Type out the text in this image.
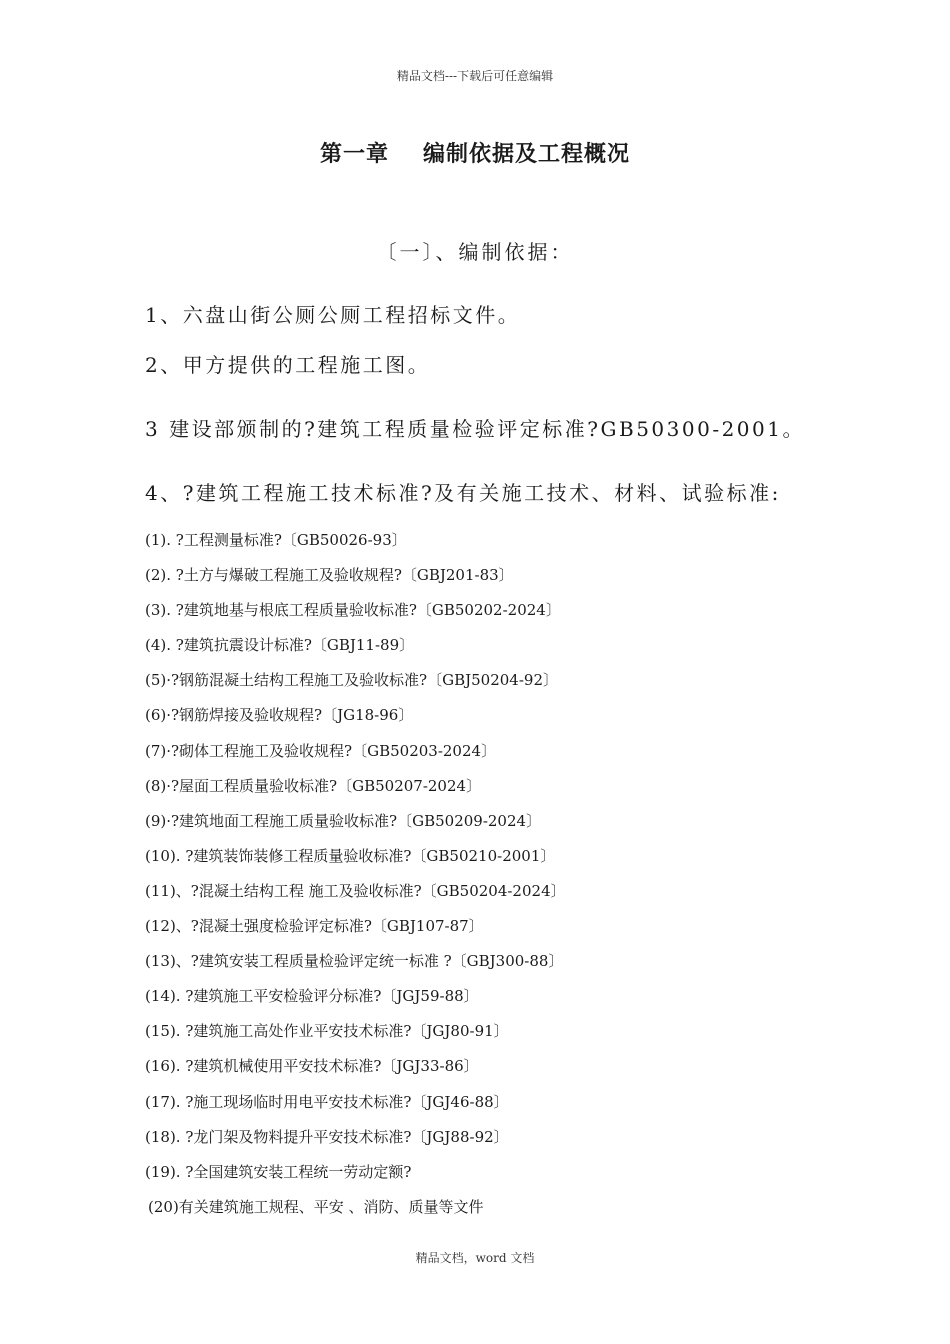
精品文档---下载后可任意编辑
第一章 编制依据及工程概况
〔一〕、编制依据：
1、六盘山街公厕公厕工程招标文件。
2、甲方提供的工程施工图。
3 建设部颁制的?建筑工程质量检验评定标准?GB50300-2001。
4、?建筑工程施工技术标准?及有关施工技术、材料、试验标准:
(1). ?工程测量标准?〔GB50026-93〕
(2). ?土方与爆破工程施工及验收规程?〔GBJ201-83〕
(3). ?建筑地基与根底工程质量验收标准?〔GB50202-2024〕
(4). ?建筑抗震设计标准?〔GBJ11-89〕
(5)·?钢筋混凝土结构工程施工及验收标准?〔GBJ50204-92〕
(6)·?钢筋焊接及验收规程?〔JG18-96〕
(7)·?砌体工程施工及验收规程?〔GB50203-2024〕
(8)·?屋面工程质量验收标准?〔GB50207-2024〕
(9)·?建筑地面工程施工质量验收标准?〔GB50209-2024〕
(10). ?建筑装饰装修工程质量验收标准?〔GB50210-2001〕
(11)、?混凝土结构工程 施工及验收标准?〔GB50204-2024〕
(12)、?混凝土强度检验评定标准?〔GBJ107-87〕
(13)、?建筑安装工程质量检验评定统一标准 ?〔GBJ300-88〕
(14). ?建筑施工平安检验评分标准?〔JGJ59-88〕
(15). ?建筑施工高处作业平安技术标准?〔JGJ80-91〕
(16). ?建筑机械使用平安技术标准?〔JGJ33-86〕
(17). ?施工现场临时用电平安技术标准?〔JGJ46-88〕
(18). ?龙门架及物料提升平安技术标准?〔JGJ88-92〕
(19). ?全国建筑安装工程统一劳动定额?
(20)有关建筑施工规程、平安 、消防、质量等文件
精品文档，word 文档
